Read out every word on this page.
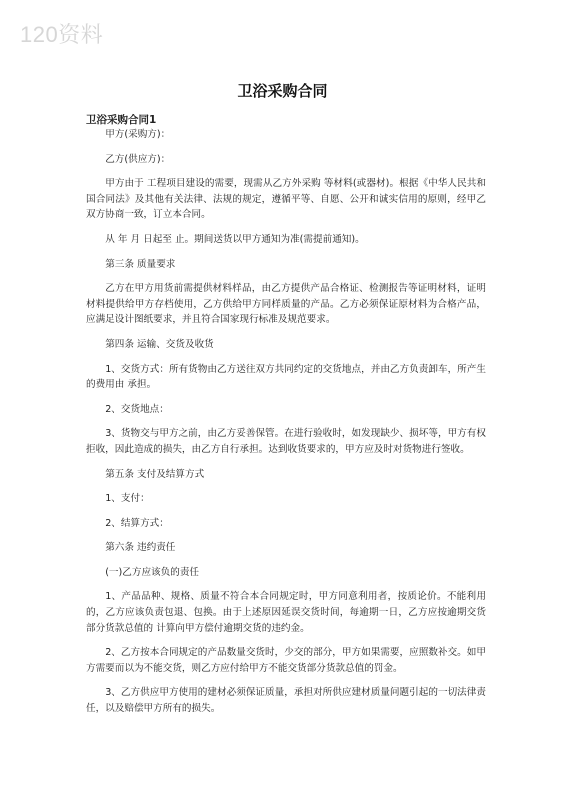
120资料
卫浴采购合同

卫浴采购合同1

甲方(采购方)：

乙方(供应方)：

甲方由于 工程项目建设的需要，现需从乙方外采购 等材料(或器材)。根据《中华人民共和国合同法》及其他有关法律、法规的规定，遵循平等、自愿、公开和诚实信用的原则，经甲乙双方协商一致，订立本合同。

从 年 月 日起至 止。期间送货以甲方通知为准(需提前通知)。

第三条 质量要求

乙方在甲方用货前需提供材料样品，由乙方提供产品合格证、检测报告等证明材料，证明材料提供给甲方存档使用，乙方供给甲方同样质量的产品。乙方必须保证原材料为合格产品，应满足设计图纸要求，并且符合国家现行标准及规范要求。

第四条 运输、交货及收货

1、交货方式：所有货物由乙方送往双方共同约定的交货地点，并由乙方负责卸车，所产生的费用由 承担。

2、交货地点：

3、货物交与甲方之前，由乙方妥善保管。在进行验收时，如发现缺少、损坏等，甲方有权拒收，因此造成的损失，由乙方自行承担。达到收货要求的，甲方应及时对货物进行签收。

第五条 支付及结算方式

1、支付：

2、结算方式：

第六条 违约责任

(一)乙方应该负的责任

1、产品品种、规格、质量不符合本合同规定时，甲方同意利用者，按质论价。不能利用的，乙方应该负责包退、包换。由于上述原因延误交货时间，每逾期一日，乙方应按逾期交货部分货款总值的 计算向甲方偿付逾期交货的违约金。

2、乙方按本合同规定的产品数量交货时，少交的部分，甲方如果需要，应照数补交。如甲方需要而以为不能交货，则乙方应付给甲方不能交货部分货款总值的罚金。

3、乙方供应甲方使用的建材必须保证质量，承担对所供应建材质量问题引起的一切法律责任，以及赔偿甲方所有的损失。
